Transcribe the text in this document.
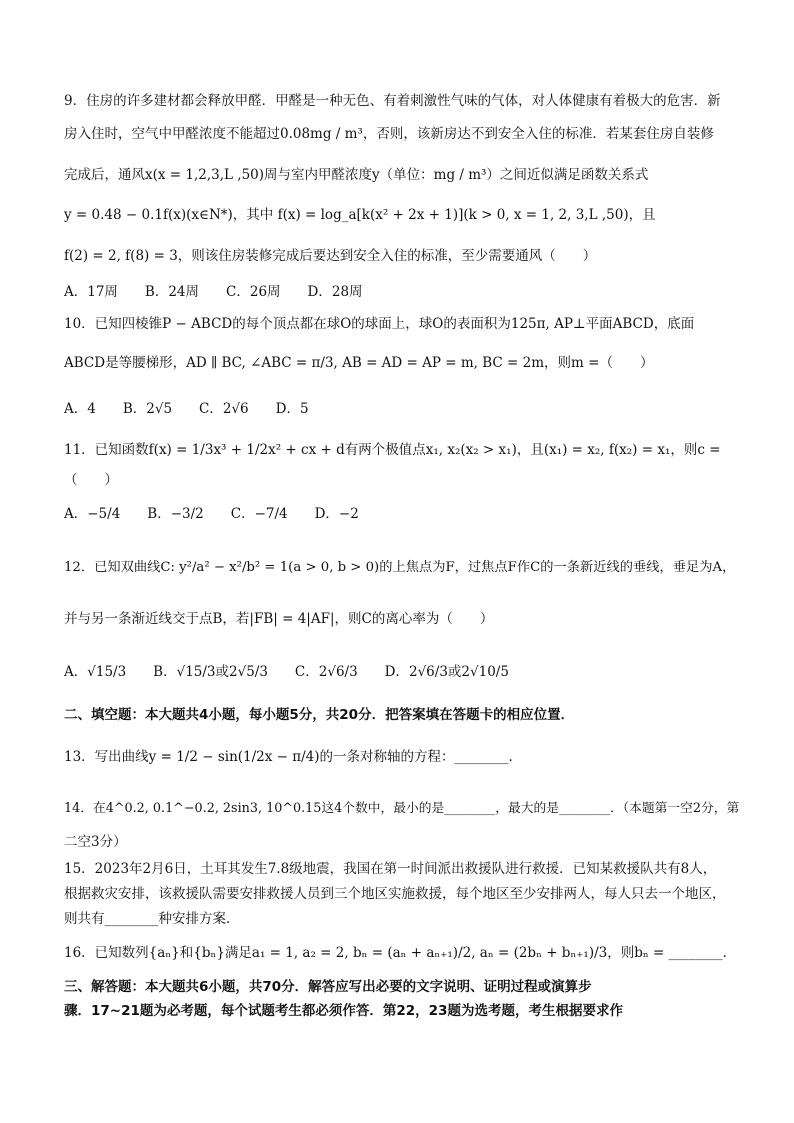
9．住房的许多建材都会释放甲醛．甲醛是一种无色、有着刺激性气味的气体，对人体健康有着极大的危害．新
房入住时，空气中甲醛浓度不能超过0.08mg / m³，否则，该新房达不到安全入住的标准．若某套住房自装修
完成后，通风x(x = 1,2,3,L ,50)周与室内甲醛浓度y（单位：mg / m³）之间近似满足函数关系式
y = 0.48 − 0.1f(x)(x∈N*)，其中 f(x) = log_a[k(x² + 2x + 1)](k > 0, x = 1, 2, 3,L ,50)，且
f(2) = 2, f(8) = 3，则该住房装修完成后要达到安全入住的标准，至少需要通风（　　）
A．17周　　B．24周　　C．26周　　D．28周
10．已知四棱锥P − ABCD的每个顶点都在球O的球面上，球O的表面积为125π, AP⊥平面ABCD，底面
ABCD是等腰梯形，AD ∥ BC, ∠ABC = π/3, AB = AD = AP = m, BC = 2m，则m =（　　）
A．4　　B．2√5　　C．2√6　　D．5
11．已知函数f(x) = 1/3x³ + 1/2x² + cx + d有两个极值点x₁, x₂(x₂ > x₁)，且(x₁) = x₂, f(x₂) = x₁，则c =
（　　）
A．−5/4　　B．−3/2　　C．−7/4　　D．−2
12．已知双曲线C: y²/a² − x²/b² = 1(a > 0, b > 0)的上焦点为F，过焦点F作C的一条新近线的垂线，垂足为A，
并与另一条渐近线交于点B，若|FB| = 4|AF|，则C的离心率为（　　）
A．√15/3　　B．√15/3或2√5/3　　C．2√6/3　　D．2√6/3或2√10/5
二、填空题：本大题共4小题，每小题5分，共20分．把答案填在答题卡的相应位置．
13．写出曲线y = 1/2 − sin(1/2x − π/4)的一条对称轴的方程：________．
14．在4^0.2, 0.1^−0.2, 2sin3, 10^0.15这4个数中，最小的是________，最大的是________．（本题第一空2分，第
二空3分）
15．2023年2月6日，土耳其发生7.8级地震，我国在第一时间派出救援队进行救援．已知某救援队共有8人，
根据救灾安排，该救援队需要安排救援人员到三个地区实施救援，每个地区至少安排两人，每人只去一个地区，
则共有________种安排方案．
16．已知数列{aₙ}和{bₙ}满足a₁ = 1, a₂ = 2, bₙ = (aₙ + aₙ₊₁)/2, aₙ = (2bₙ + bₙ₊₁)/3，则bₙ = ________．
三、解答题：本大题共6小题，共70分．解答应写出必要的文字说明、证明过程或演算步
骤．17~21题为必考题，每个试题考生都必须作答．第22，23题为选考题，考生根据要求作
